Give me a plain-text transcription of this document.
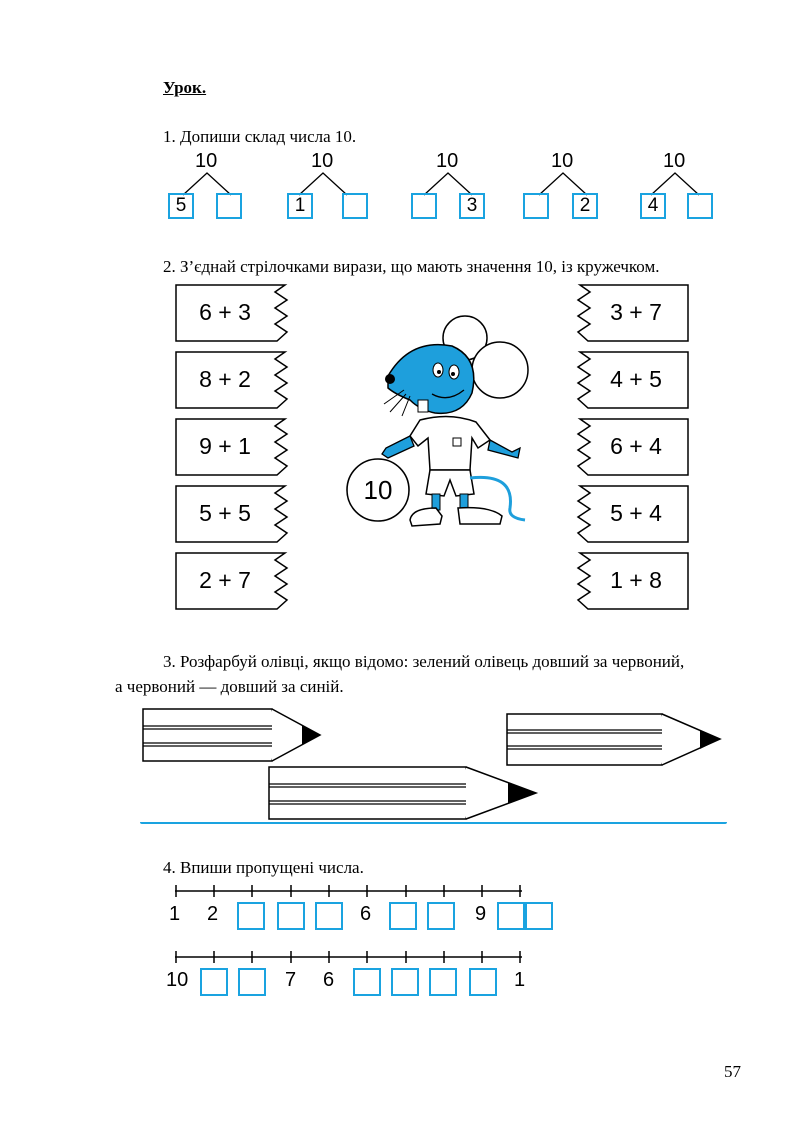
Урок.
1. Допиши склад числа 10.
10
5
10
1
10
3
10
2
10
4
2. З’єднай стрілочками вирази, що мають значення 10, із кружечком.
6 + 3
8 + 2
9 + 1
5 + 5
2 + 7
3 + 7
4 + 5
6 + 4
5 + 4
1 + 8
10
3. Розфарбуй олівці, якщо відомо: зелений олівець довший за червоний,
а червоний — довший за синій.
4. Впиши пропущені числа.
1 2	6	9
10	7 6	1
57
